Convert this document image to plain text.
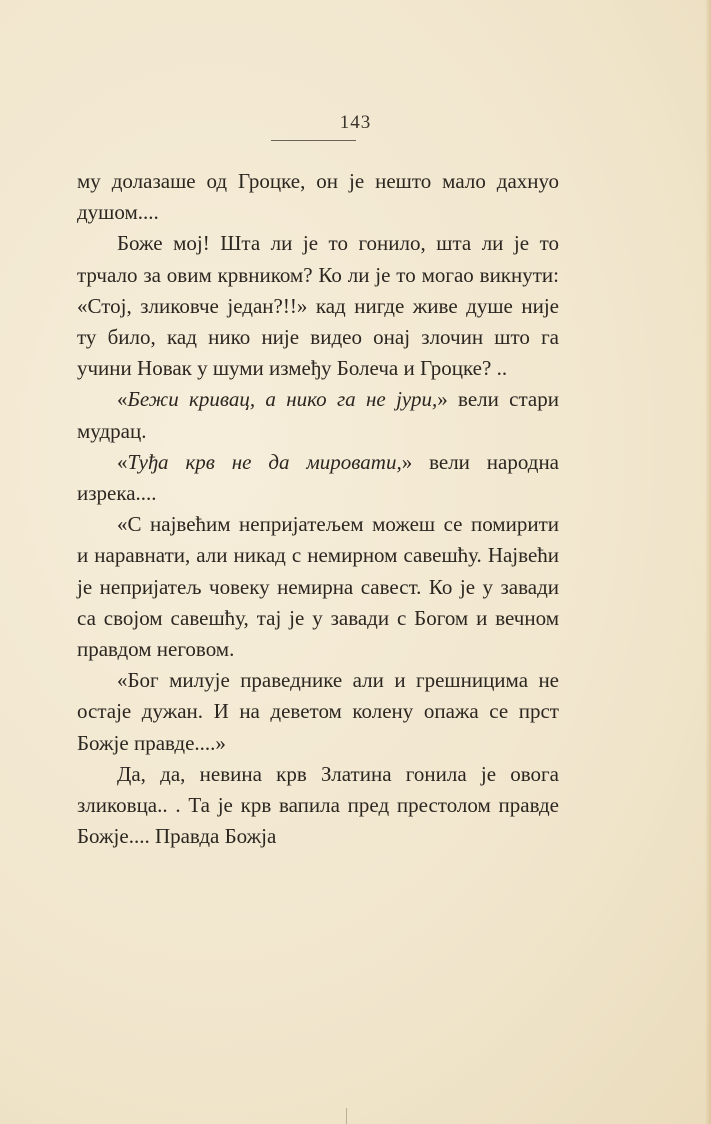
143

му долазаше од Гроцке, он је нешто мало дахнуо душом....

Боже мој! Шта ли је то гонило, шта ли је то трчало за овим крвником? Ко ли је то могао викнути: «Стој, зликовче један?!!» кад нигде живе душе није ту било, кад нико није видео онај злочин што га учини Новак у шуми између Болеча и Гроцке? ..

«Бежи кривац, а нико га не јури,» вели стари мудрац.

«Туђа крв не да мировати,» вели народна изрека....

«С највећим непријатељем можеш се помирити и наравнати, али никад с немирном савешћу. Највећи је непријатељ човеку немирна савест. Ко је у завади са својом савешћу, тај је у завади с Богом и вечном правдом неговом.

«Бог милује праведнике али и грешницима не остаје дужан. И на деветом колену опажа се прст Божје правде....»

Да, да, невина крв Златина гонила је овога зликовца.. . Та је крв вапила пред престолом правде Божје.... Правда Божја
